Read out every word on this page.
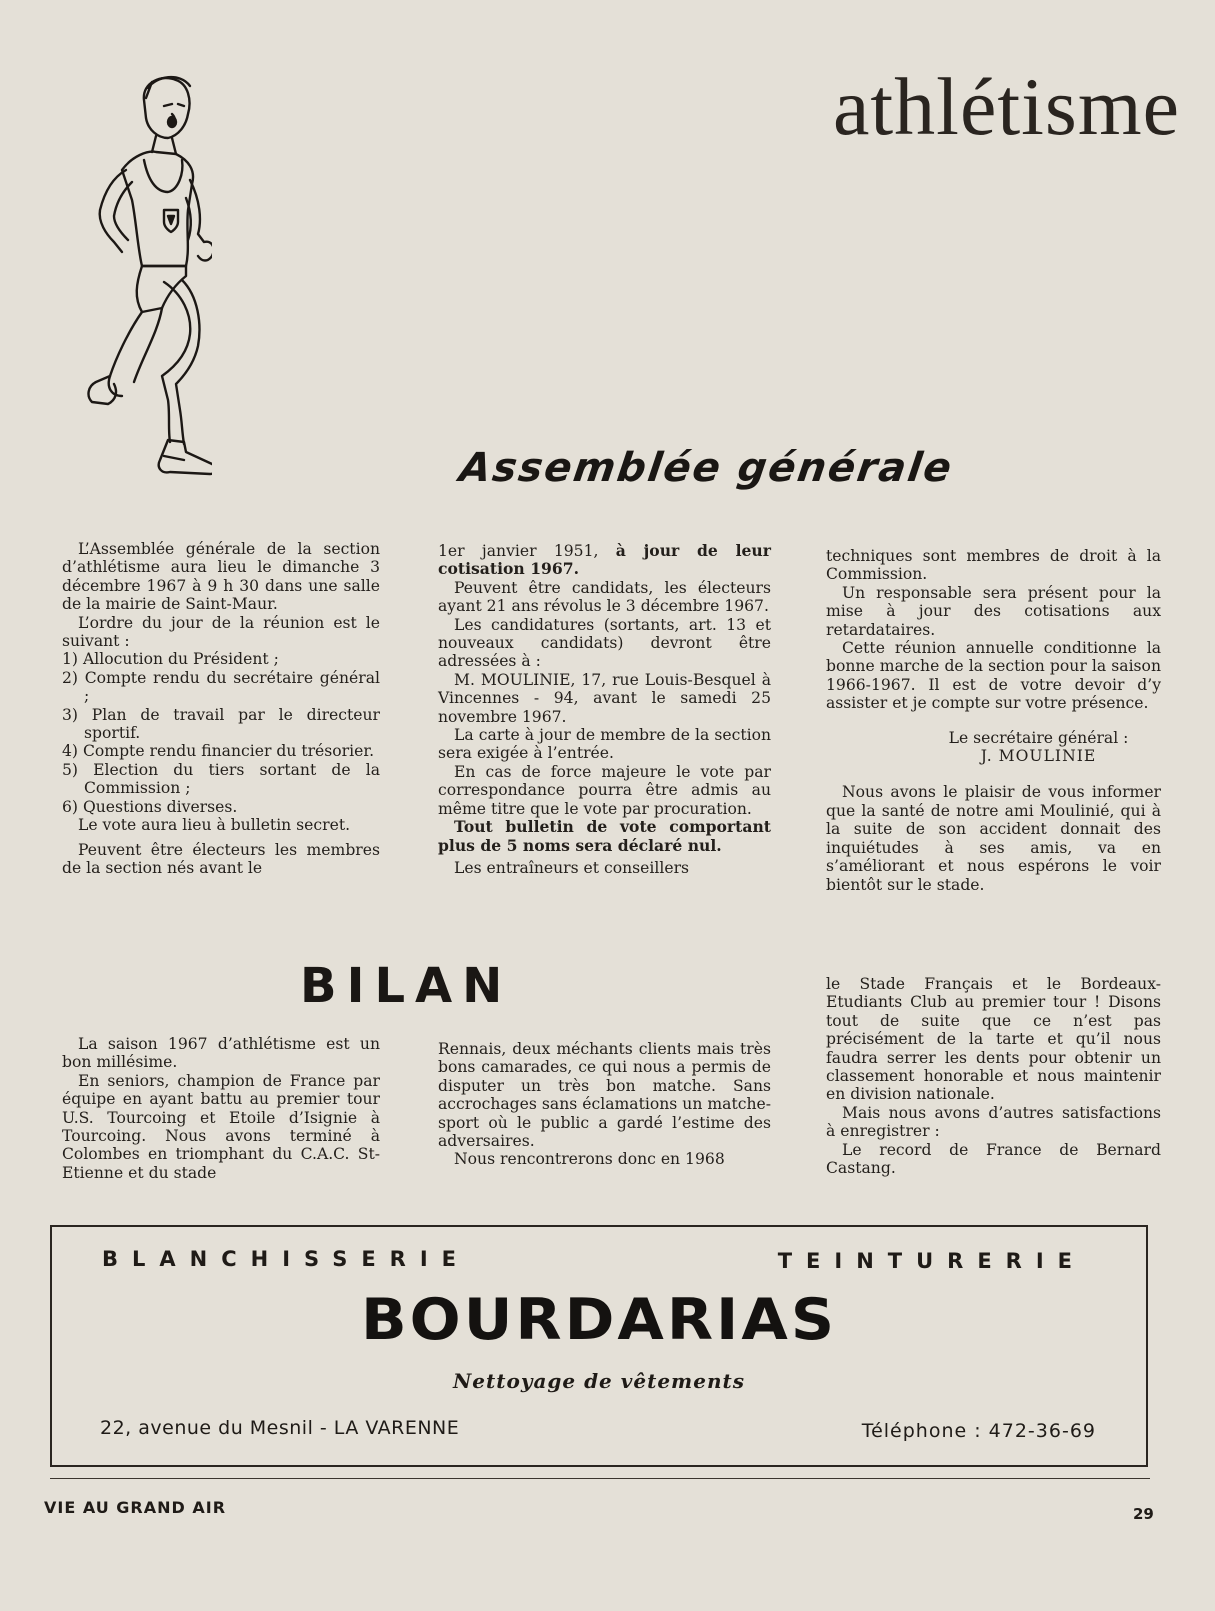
athlétisme
Assemblée générale

L’Assemblée générale de la section d’athlétisme aura lieu le dimanche 3 décembre 1967 à 9 h 30 dans une salle de la mairie de Saint-Maur.

L’ordre du jour de la réunion est le suivant :

1) Allocution du Président ;
2) Compte rendu du secrétaire général ;
3) Plan de travail par le directeur sportif.
4) Compte rendu financier du trésorier.
5) Election du tiers sortant de la Commission ;
6) Questions diverses.

Le vote aura lieu à bulletin secret.

Peuvent être électeurs les membres de la section nés avant le

1er janvier 1951, à jour de leur cotisation 1967.

Peuvent être candidats, les électeurs ayant 21 ans révolus le 3 décembre 1967.

Les candidatures (sortants, art. 13 et nouveaux candidats) devront être adressées à :

M. MOULINIE, 17, rue Louis-Besquel à Vincennes - 94, avant le samedi 25 novembre 1967.

La carte à jour de membre de la section sera exigée à l’entrée.

En cas de force majeure le vote par correspondance pourra être admis au même titre que le vote par procuration.

Tout bulletin de vote comportant plus de 5 noms sera déclaré nul.

Les entraîneurs et conseillers

techniques sont membres de droit à la Commission.

Un responsable sera présent pour la mise à jour des cotisations aux retardataires.

Cette réunion annuelle conditionne la bonne marche de la section pour la saison 1966-1967. Il est de votre devoir d’y assister et je compte sur votre présence.

Le secrétaire général :

J. MOULINIE

Nous avons le plaisir de vous informer que la santé de notre ami Moulinié, qui à la suite de son accident donnait des inquiétudes à ses amis, va en s’améliorant et nous espérons le voir bientôt sur le stade.

BILAN

La saison 1967 d’athlétisme est un bon millésime.

En seniors, champion de France par équipe en ayant battu au premier tour U.S. Tourcoing et Etoile d’Isignie à Tourcoing. Nous avons terminé à Colombes en triomphant du C.A.C. St-Etienne et du stade

Rennais, deux méchants clients mais très bons camarades, ce qui nous a permis de disputer un très bon matche. Sans accrochages sans éclamations un matche-sport où le public a gardé l’estime des adversaires.

Nous rencontrerons donc en 1968

le Stade Français et le Bordeaux-Etudiants Club au premier tour ! Disons tout de suite que ce n’est pas précisément de la tarte et qu’il nous faudra serrer les dents pour obtenir un classement honorable et nous maintenir en division nationale.

Mais nous avons d’autres satisfactions à enregistrer :

Le record de France de Bernard Castang.

BLANCHISSERIE	TEINTURERIE
BOURDARIAS
Nettoyage de vêtements
22, avenue du Mesnil - LA VARENNE	Téléphone : 472-36-69
VIE AU GRAND AIR	29
